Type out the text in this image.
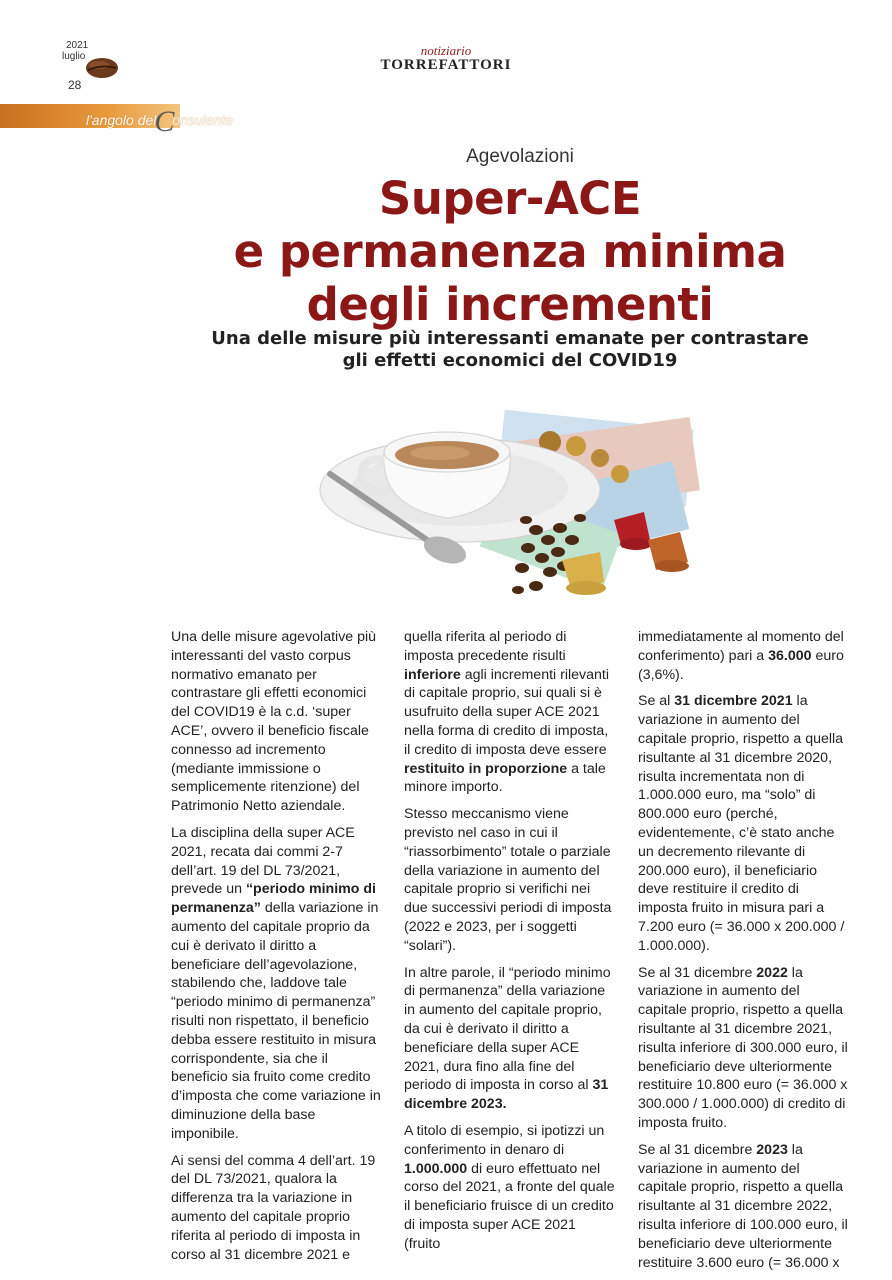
2021
luglio
28
notiziario
TORREFATTORI
l'angolo delConsulente
Agevolazioni
Super-ACE
e permanenza minima
degli incrementi
Una delle misure più interessanti emanate per contrastare
gli effetti economici del COVID19

Una delle misure agevolative più interessanti del vasto corpus normativo emanato per contrastare gli effetti economici del COVID19 è la c.d. ‘super ACE’, ovvero il beneficio fiscale connesso ad incremento (mediante immissione o semplicemente ritenzione) del Patrimonio Netto aziendale.

La disciplina della super ACE 2021, recata dai commi 2-7 dell’art. 19 del DL 73/2021, prevede un “periodo minimo di permanenza” della variazione in aumento del capitale proprio da cui è derivato il diritto a beneficiare dell’agevolazione, stabilendo che, laddove tale “periodo minimo di permanenza” risulti non rispettato, il beneficio debba essere restituito in misura corrispondente, sia che il beneficio sia fruito come credito d’imposta che come variazione in diminuzione della base imponibile.

Ai sensi del comma 4 dell’art. 19 del DL 73/2021, qualora la differenza tra la variazione in aumento del capitale proprio riferita al periodo di imposta in corso al 31 dicembre 2021 e

quella riferita al periodo di imposta precedente risulti inferiore agli incrementi rilevanti di capitale proprio, sui quali si è usufruito della super ACE 2021 nella forma di credito di imposta, il credito di imposta deve essere restituito in proporzione a tale minore importo.

Stesso meccanismo viene previsto nel caso in cui il “riassorbimento” totale o parziale della variazione in aumento del capitale proprio si verifichi nei due successivi periodi di imposta (2022 e 2023, per i soggetti “solari”).

In altre parole, il “periodo minimo di permanenza” della variazione in aumento del capitale proprio, da cui è derivato il diritto a beneficiare della super ACE 2021, dura fino alla fine del periodo di imposta in corso al 31 dicembre 2023.

A titolo di esempio, si ipotizzi un conferimento in denaro di 1.000.000 di euro effettuato nel corso del 2021, a fronte del quale il beneficiario fruisce di un credito di imposta super ACE 2021 (fruito

immediatamente al momento del conferimento) pari a 36.000 euro (3,6%).

Se al 31 dicembre 2021 la variazione in aumento del capitale proprio, rispetto a quella risultante al 31 dicembre 2020, risulta incrementata non di 1.000.000 euro, ma “solo” di 800.000 euro (perché, evidentemente, c’è stato anche un decremento rilevante di 200.000 euro), il beneficiario deve restituire il credito di imposta fruito in misura pari a 7.200 euro (= 36.000 x 200.000 / 1.000.000).

Se al 31 dicembre 2022 la variazione in aumento del capitale proprio, rispetto a quella risultante al 31 dicembre 2021, risulta inferiore di 300.000 euro, il beneficiario deve ulteriormente restituire 10.800 euro (= 36.000 x 300.000 / 1.000.000) di credito di imposta fruito.

Se al 31 dicembre 2023 la variazione in aumento del capitale proprio, rispetto a quella risultante al 31 dicembre 2022, risulta inferiore di 100.000 euro, il beneficiario deve ulteriormente restituire 3.600 euro (= 36.000 x
